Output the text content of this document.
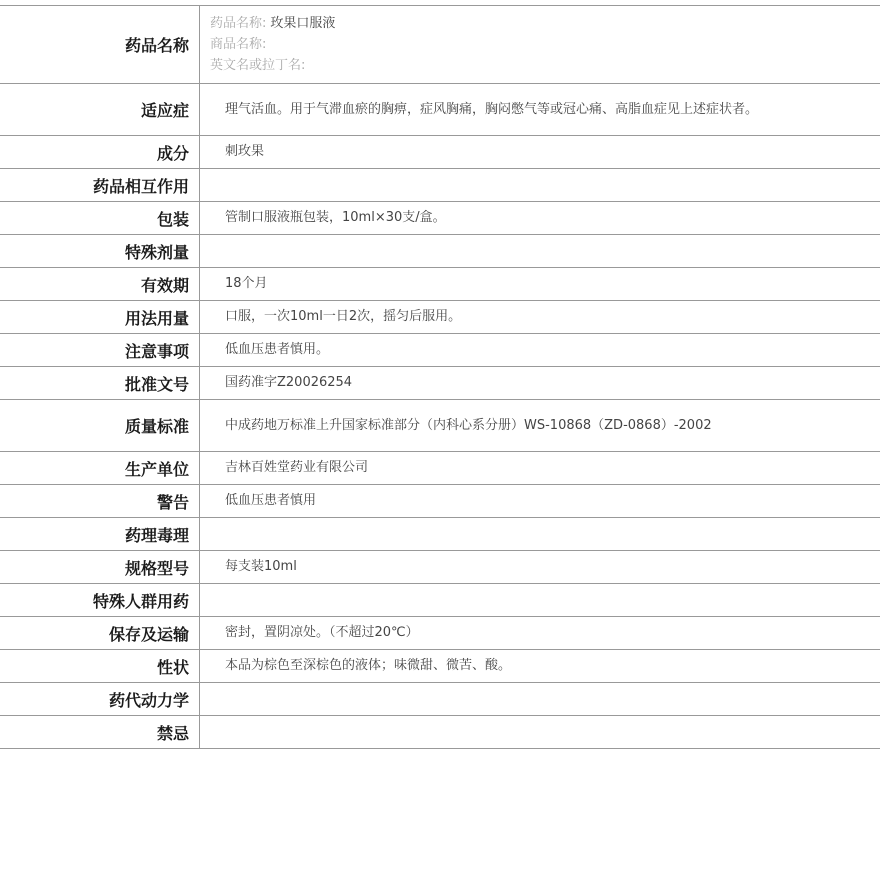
药品名称	药品名称: 玫果口服液
商品名称:
英文名或拉丁名:

适应症	理气活血。用于气滞血瘀的胸痹，症风胸痛，胸闷憋气等或冠心痛、高脂血症见上述症状者。
成分	刺玫果
药品相互作用	
包装	管制口服液瓶包装，10ml×30支/盒。
特殊剂量	
有效期	18个月
用法用量	口服，一次10ml一日2次，摇匀后服用。
注意事项	低血压患者慎用。
批准文号	国药准字Z20026254
质量标准	中成药地万标准上升国家标准部分（内科心系分册）WS-10868（ZD-0868）-2002
生产单位	吉林百姓堂药业有限公司
警告	低血压患者慎用
药理毒理	
规格型号	每支装10ml
特殊人群用药	
保存及运输	密封，置阴凉处。（不超过20℃）
性状	本品为棕色至深棕色的液体；味微甜、微苦、酸。
药代动力学	
禁忌	
